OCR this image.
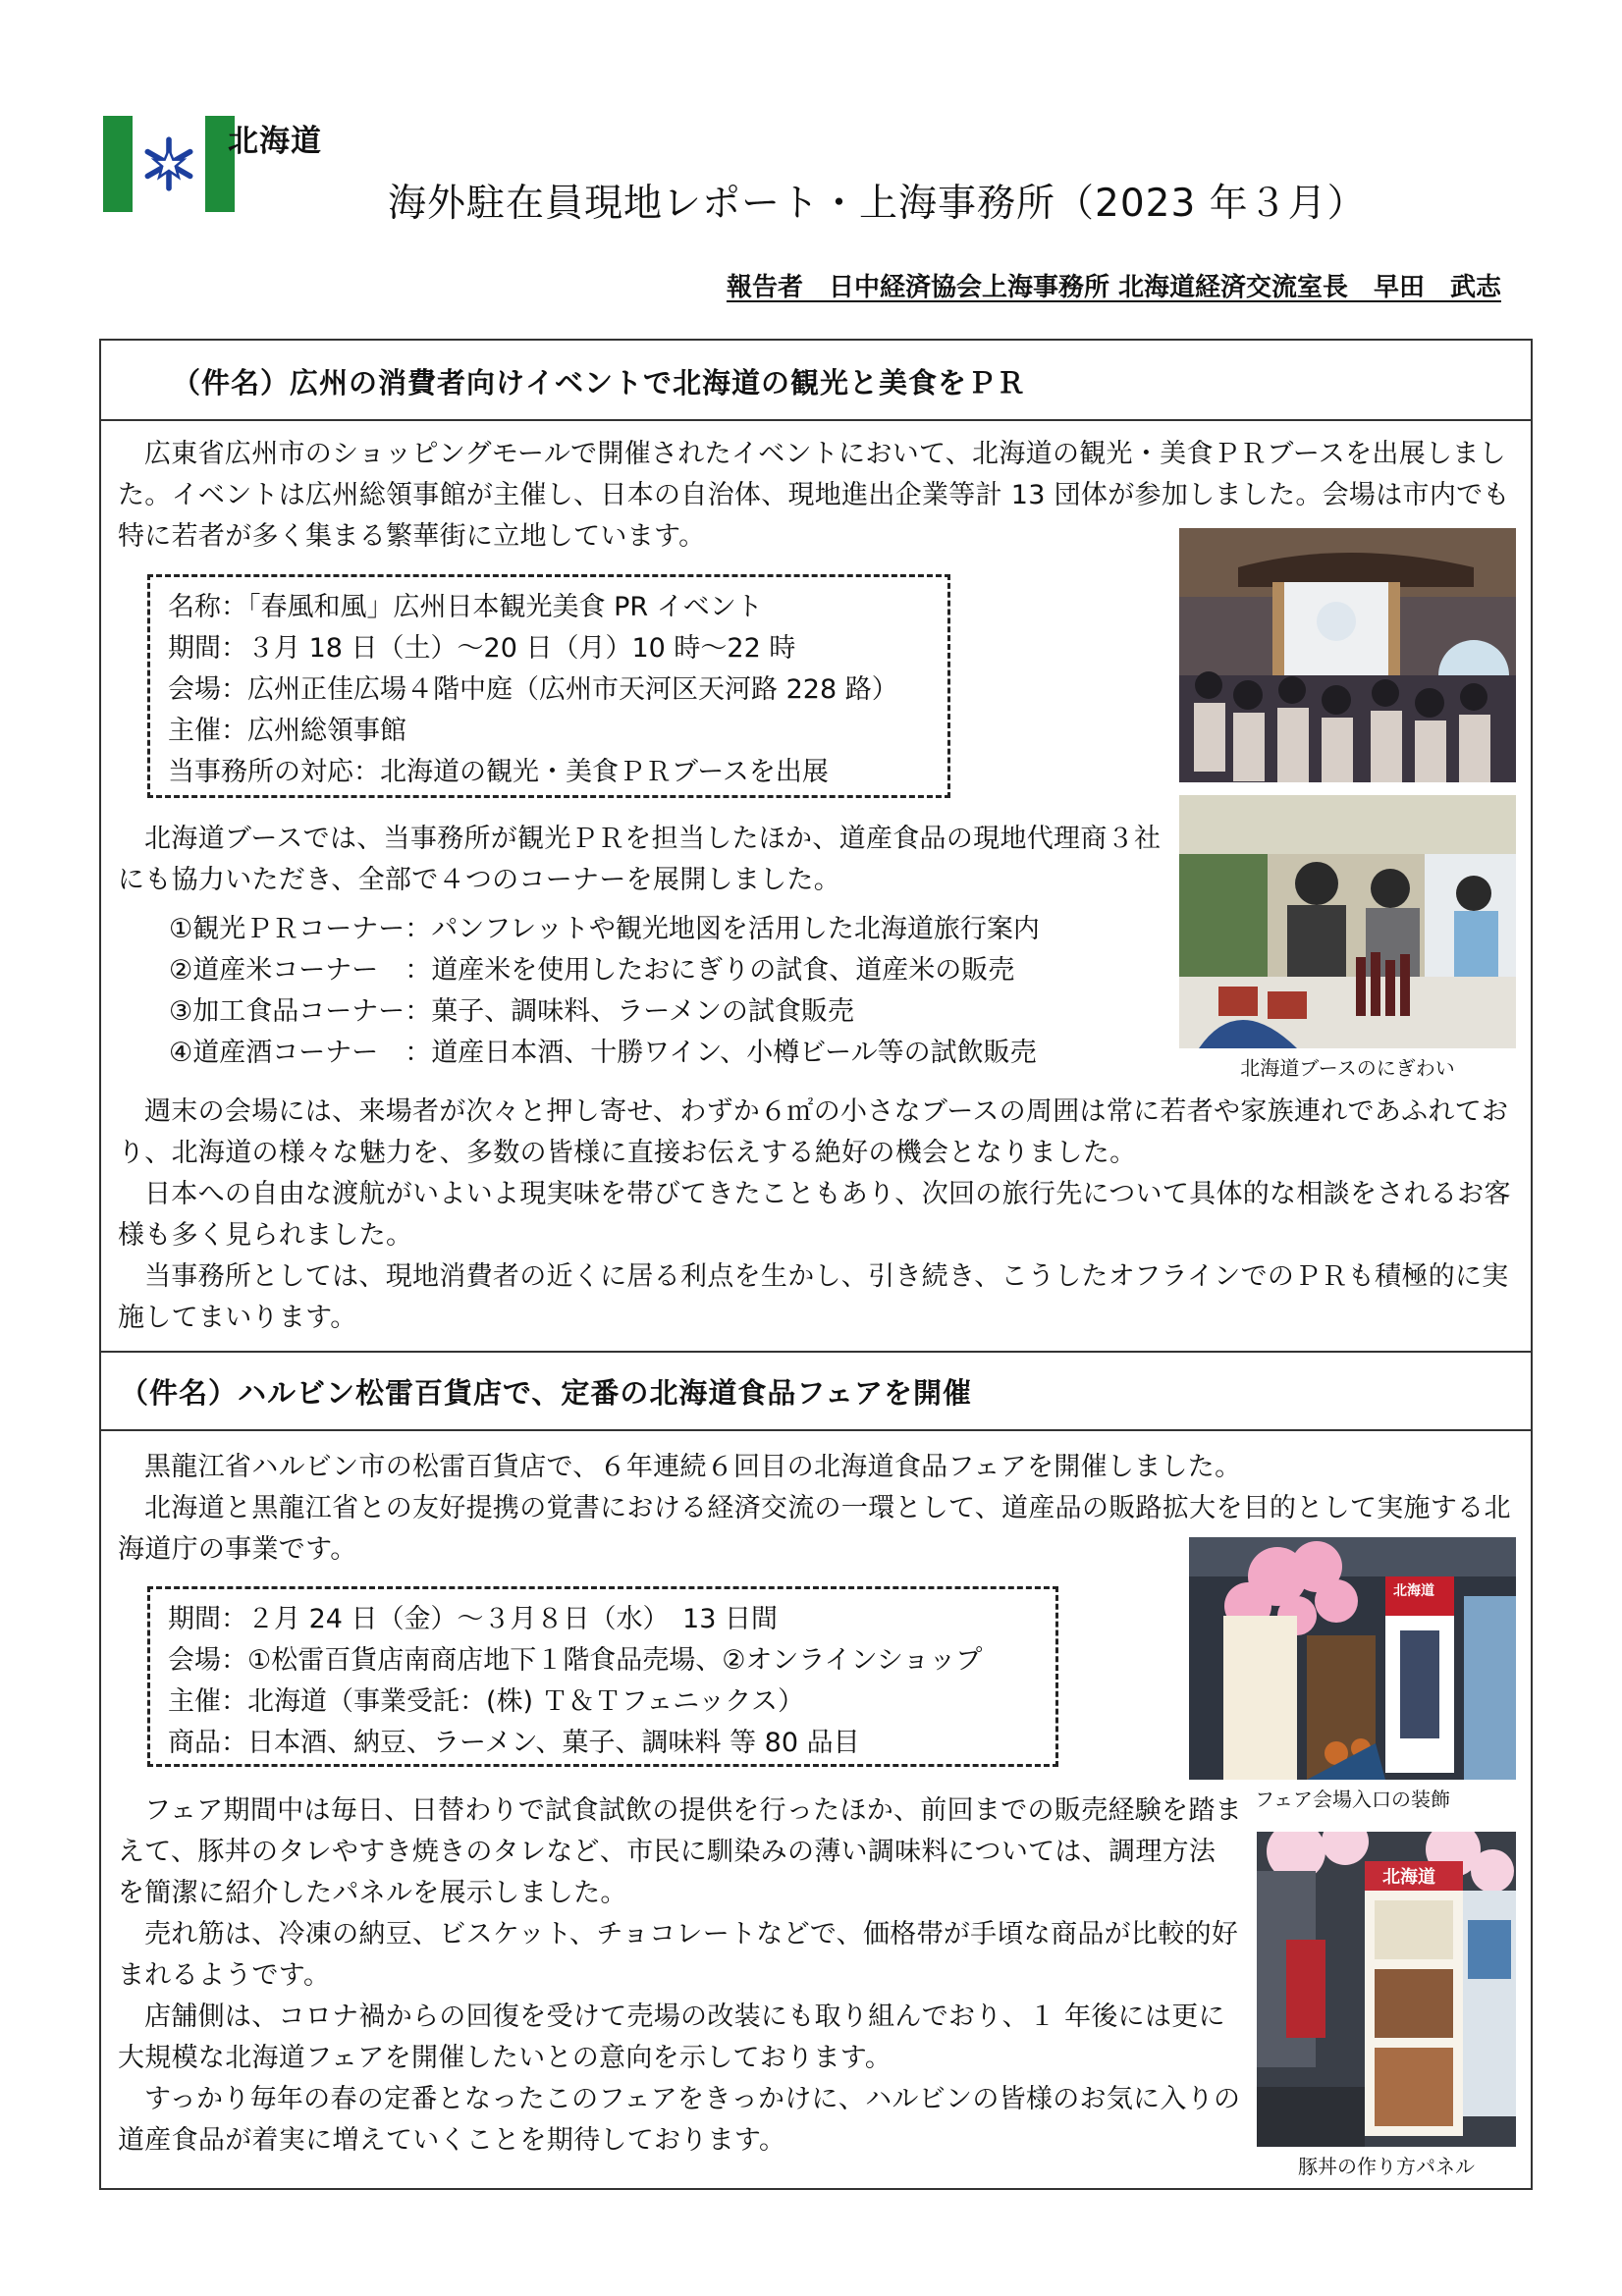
北海道
海外駐在員現地レポート・上海事務所（2023 年３月）
報告者　日中経済協会上海事務所 北海道経済交流室長　早田　武志
（件名）広州の消費者向けイベントで北海道の観光と美食をＰＲ

広東省広州市のショッピングモールで開催されたイベントにおいて、北海道の観光・美食ＰＲブースを出展しました。イベントは広州総領事館が主催し、日本の自治体、現地進出企業等計 13 団体が参加しました。会場は市内でも特に若者が多く集まる繁華街に立地しています。

名称：「春風和風」広州日本観光美食 PR イベント
期間：３月 18 日（土）～20 日（月）10 時～22 時
会場：広州正佳広場４階中庭（広州市天河区天河路 228 路）
主催：広州総領事館
当事務所の対応：北海道の観光・美食ＰＲブースを出展

北海道ブースでは、当事務所が観光ＰＲを担当したほか、道産食品の現地代理商３社にも協力いただき、全部で４つのコーナーを展開しました。

①観光ＰＲコーナー： パンフレットや観光地図を活用した北海道旅行案内
②道産米コーナー　： 道産米を使用したおにぎりの試食、道産米の販売
③加工食品コーナー： 菓子、調味料、ラーメンの試食販売
④道産酒コーナー　： 道産日本酒、十勝ワイン、小樽ビール等の試飲販売	北海道ブースのにぎわい

週末の会場には、来場者が次々と押し寄せ、わずか６㎡の小さなブースの周囲は常に若者や家族連れであふれており、北海道の様々な魅力を、多数の皆様に直接お伝えする絶好の機会となりました。

日本への自由な渡航がいよいよ現実味を帯びてきたこともあり、次回の旅行先について具体的な相談をされるお客様も多く見られました。

当事務所としては、現地消費者の近くに居る利点を生かし、引き続き、こうしたオフラインでのＰＲも積極的に実施してまいります。

（件名）ハルビン松雷百貨店で、定番の北海道食品フェアを開催

黒龍江省ハルビン市の松雷百貨店で、６年連続６回目の北海道食品フェアを開催しました。

北海道と黒龍江省との友好提携の覚書における経済交流の一環として、道産品の販路拡大を目的として実施する北海道庁の事業です。

期間：２月 24 日（金）～３月８日（水）　13 日間
会場：①松雷百貨店南商店地下１階食品売場、②オンラインショップ
主催：北海道（事業受託：(株) Ｔ＆Ｔフェニックス）
商品：日本酒、納豆、ラーメン、菓子、調味料 等 80 品目
北海道
フェア会場入口の装飾
北海道
豚丼の作り方パネル

フェア期間中は毎日、日替わりで試食試飲の提供を行ったほか、前回までの販売経験を踏まえて、豚丼のタレやすき焼きのタレなど、市民に馴染みの薄い調味料については、調理方法を簡潔に紹介したパネルを展示しました。

売れ筋は、冷凍の納豆、ビスケット、チョコレートなどで、価格帯が手頃な商品が比較的好まれるようです。

店舗側は、コロナ禍からの回復を受けて売場の改装にも取り組んでおり、１ 年後には更に大規模な北海道フェアを開催したいとの意向を示しております。

すっかり毎年の春の定番となったこのフェアをきっかけに、ハルビンの皆様のお気に入りの道産食品が着実に増えていくことを期待しております。
